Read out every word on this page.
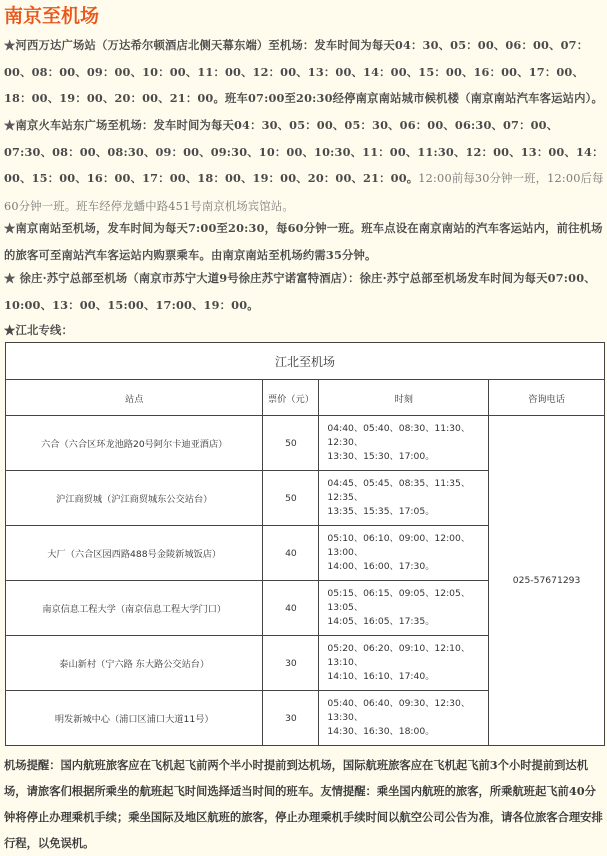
南京至机场

★河西万达广场站（万达希尔顿酒店北侧天幕东端）至机场：发车时间为每天04：30、05：00、06：00、07：00、08：00、09：00、10：00、11：00、12：00、13：00、14：00、15：00、16：00、17：00、18：00、19：00、20：00、21：00。班车07:00至20:30经停南京南站城市候机楼（南京南站汽车客运站内）。

★南京火车站东广场至机场：发车时间为每天04：30、05：00、05：30、06：00、06:30、07：00、07:30、08：00、08:30、09：00、09:30、10：00、10:30、11：00、11:30、12：00、13：00、14：00、15：00、16：00、17：00、18：00、19：00、20：00、21：00。12:00前每30分钟一班，12:00后每60分钟一班。班车经停龙蟠中路451号南京机场宾馆站。

★南京南站至机场，发车时间为每天7:00至20:30，每60分钟一班。班车点设在南京南站的汽车客运站内，前往机场的旅客可至南站汽车客运站内购票乘车。由南京南站至机场约需35分钟。

★ 徐庄·苏宁总部至机场（南京市苏宁大道9号徐庄苏宁诺富特酒店）：徐庄·苏宁总部至机场发车时间为每天07:00、10:00、13：00、15:00、17:00、19：00。

★江北专线：

江北至机场			
站点	票价（元）	时刻	咨询电话
六合（六合区环龙池路20号阿尔卡迪亚酒店）	50	04:40、05:40、08:30、11:30、12:30、
13:30、15:30、17:00。	025-57671293
沪江商贸城（沪江商贸城东公交站台）	50	04:45、05:45、08:35、11:35、12:35、
13:35、15:35、17:05。	

大厂（六合区园西路488号金陵新城饭店）	40	05:10、06:10、09:00、12:00、13:00、
14:00、16:00、17:30。	

南京信息工程大学（南京信息工程大学门口）	40	05:15、06:15、09:05、12:05、13:05、
14:05、16:05、17:35。	

泰山新村（宁六路 东大路公交站台）	30	05:20、06:20、09:10、12:10、13:10、
14:10、16:10、17:40。	

明发新城中心（浦口区浦口大道11号）	30	05:40、06:40、09:30、12:30、13:30、
14:30、16:30、18:00。	

机场提醒：国内航班旅客应在飞机起飞前两个半小时提前到达机场，国际航班旅客应在飞机起飞前3个小时提前到达机场，请旅客们根据所乘坐的航班起飞时间选择适当时间的班车。友情提醒：乘坐国内航班的旅客，所乘航班起飞前40分钟将停止办理乘机手续；乘坐国际及地区航班的旅客，停止办理乘机手续时间以航空公司公告为准，请各位旅客合理安排行程，以免误机。
